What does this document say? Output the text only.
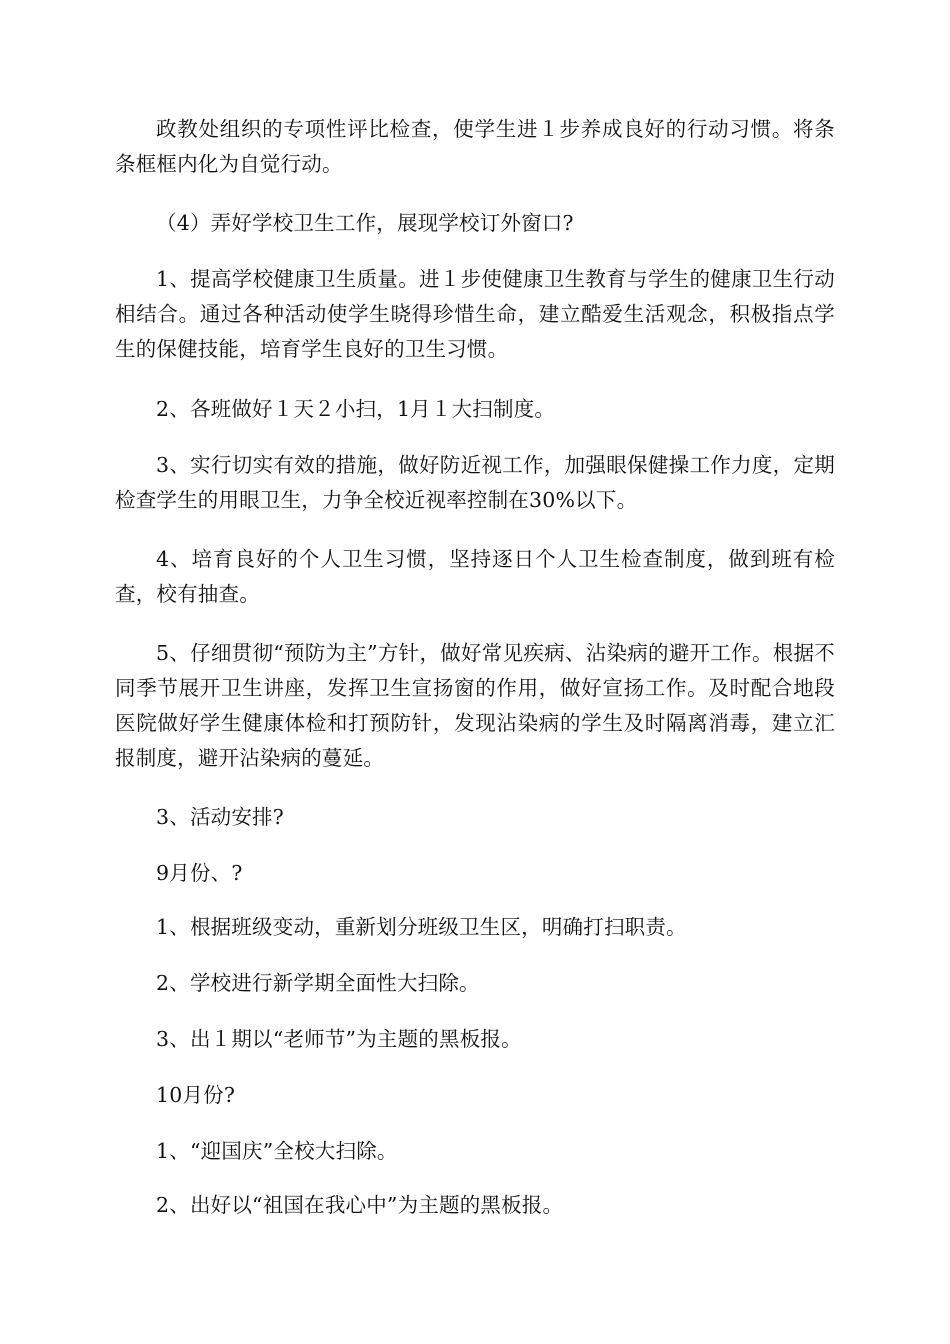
政教处组织的专项性评比检查，使学生进１步养成良好的行动习惯。将条条框框内化为自觉行动。

（4）弄好学校卫生工作，展现学校订外窗口?

1、提高学校健康卫生质量。进１步使健康卫生教育与学生的健康卫生行动相结合。通过各种活动使学生晓得珍惜生命，建立酷爱生活观念，积极指点学生的保健技能，培育学生良好的卫生习惯。

2、各班做好１天２小扫，1月１大扫制度。

3、实行切实有效的措施，做好防近视工作，加强眼保健操工作力度，定期检查学生的用眼卫生，力争全校近视率控制在30%以下。

4、培育良好的个人卫生习惯，坚持逐日个人卫生检查制度，做到班有检查，校有抽查。

5、仔细贯彻“预防为主”方针，做好常见疾病、沾染病的避开工作。根据不同季节展开卫生讲座，发挥卫生宣扬窗的作用，做好宣扬工作。及时配合地段医院做好学生健康体检和打预防针，发现沾染病的学生及时隔离消毒，建立汇报制度，避开沾染病的蔓延。

3、活动安排?

9月份、?

1、根据班级变动，重新划分班级卫生区，明确打扫职责。

2、学校进行新学期全面性大扫除。

3、出１期以“老师节”为主题的黑板报。

10月份?

1、“迎国庆”全校大扫除。

2、出好以“祖国在我心中”为主题的黑板报。
